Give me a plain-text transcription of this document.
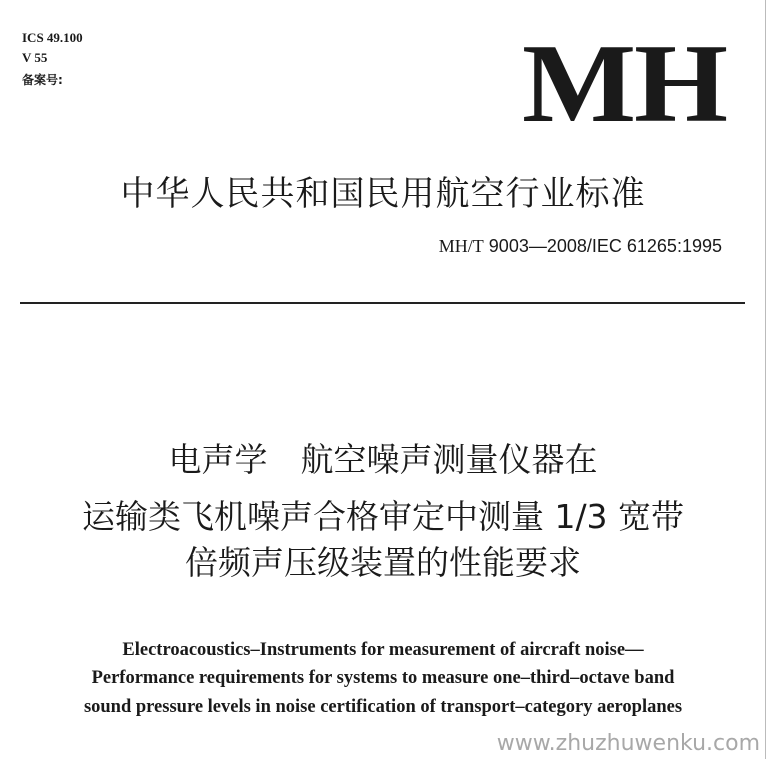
ICS 49.100
V 55
备案号:	MH
中华人民共和国民用航空行业标准
MH/T 9003—2008/IEC 61265:1995
电声学　航空噪声测量仪器在
运输类飞机噪声合格审定中测量 1/3 宽带
倍频声压级装置的性能要求
Electroacoustics–Instruments for measurement of aircraft noise—
Performance requirements for systems to measure one–third–octave band
sound pressure levels in noise certification of transport–category aeroplanes
www.zhuzhuwenku.com
